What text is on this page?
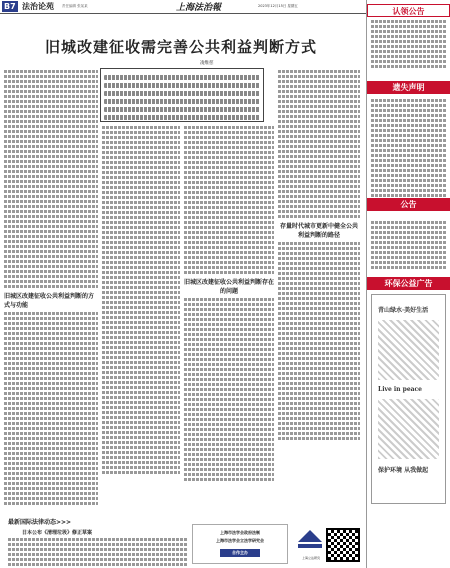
B7 法治论苑 责任编辑 张某某	上海法治報	2023年12月15日 星期五
旧城改建征收需完善公共利益判断方式
凌维慈
旧城区改建征收公共利益判断的方式与功能
旧城区改建征收公共利益判断存在的问题
存量时代城市更新中健全公共利益判断的路径
最新国际法律动态>>>
日本公布《清理垃圾》修正草案	上海市法学会政府法制
上海市法学会立法学研究会
合作主办
上海立法研究
认领公告
遗失声明
公告
环保公益广告
青山绿水·美好生活
Live in peace
保护环境 从我做起
